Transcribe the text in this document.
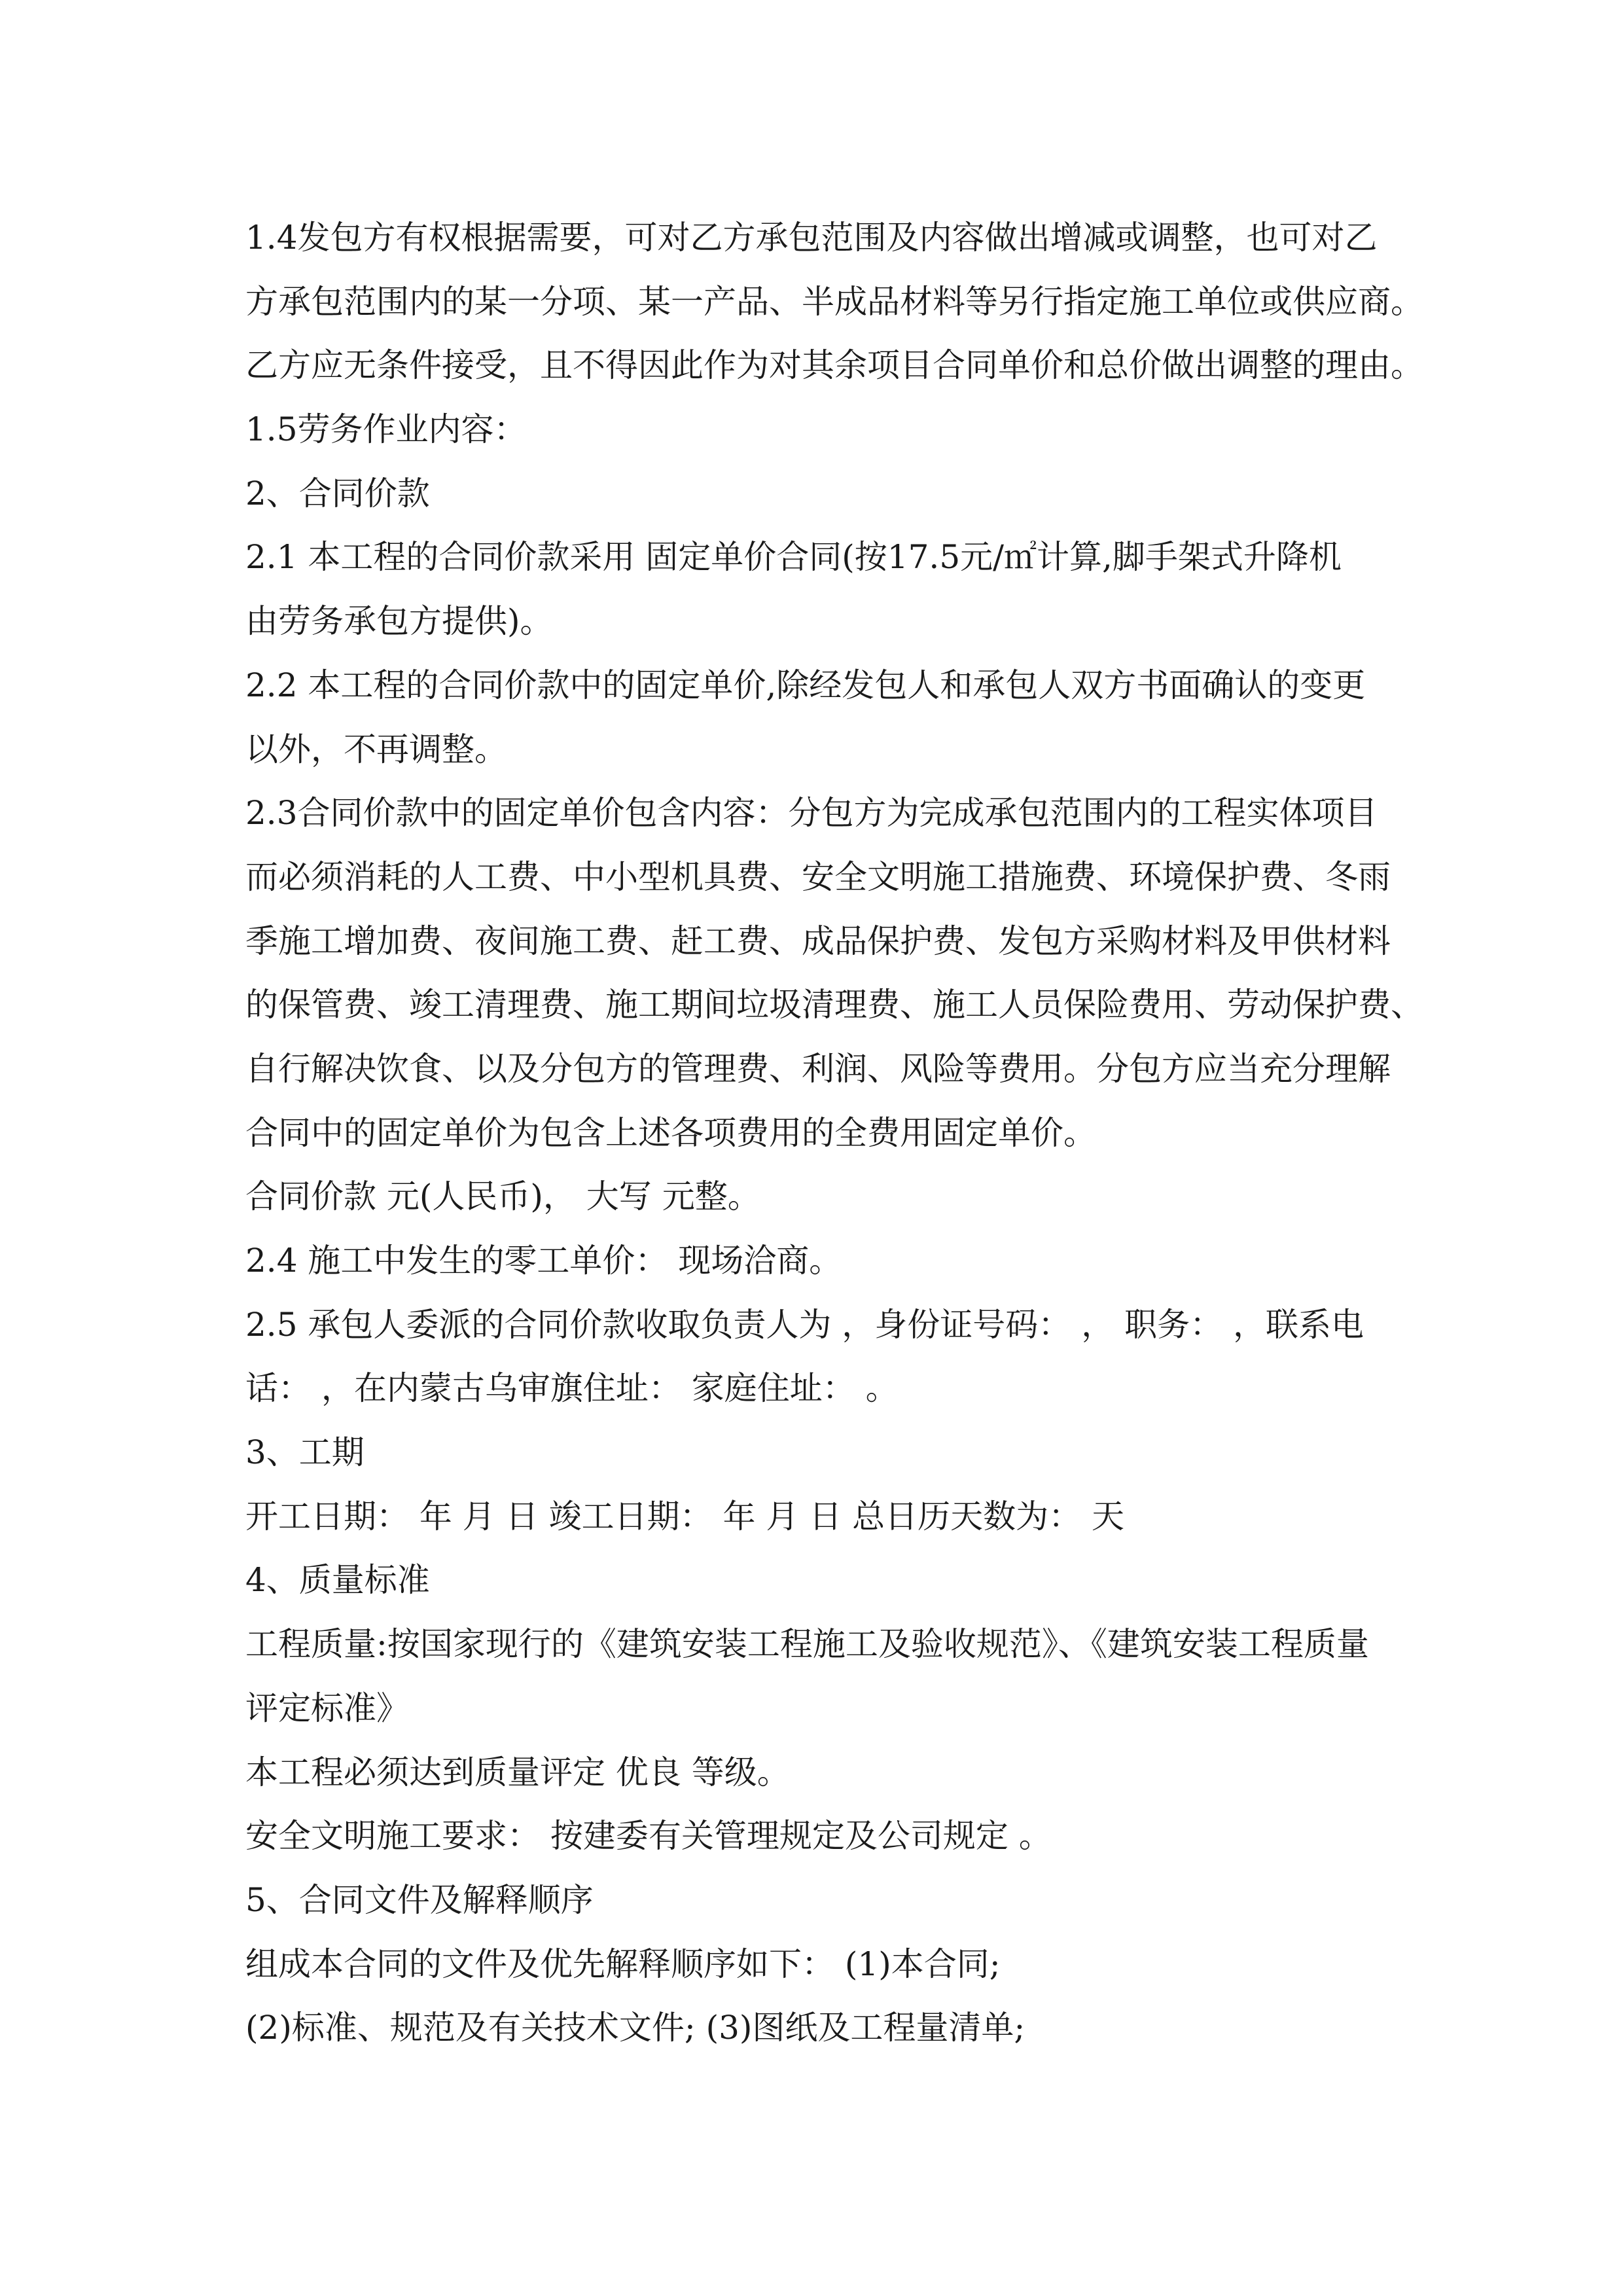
1.4发包方有权根据需要，可对乙方承包范围及内容做出增减或调整，也可对乙

方承包范围内的某一分项、某一产品、半成品材料等另行指定施工单位或供应商。

乙方应无条件接受，且不得因此作为对其余项目合同单价和总价做出调整的理由。

1.5劳务作业内容：

2、合同价款

2.1 本工程的合同价款采用 固定单价合同(按17.5元/㎡计算,脚手架式升降机

由劳务承包方提供)。

2.2 本工程的合同价款中的固定单价,除经发包人和承包人双方书面确认的变更

以外，不再调整。

2.3合同价款中的固定单价包含内容：分包方为完成承包范围内的工程实体项目

而必须消耗的人工费、中小型机具费、安全文明施工措施费、环境保护费、冬雨

季施工增加费、夜间施工费、赶工费、成品保护费、发包方采购材料及甲供材料

的保管费、竣工清理费、施工期间垃圾清理费、施工人员保险费用、劳动保护费、

自行解决饮食、以及分包方的管理费、利润、风险等费用。分包方应当充分理解

合同中的固定单价为包含上述各项费用的全费用固定单价。

合同价款 元(人民币)， 大写 元整。

2.4 施工中发生的零工单价： 现场洽商。

2.5 承包人委派的合同价款收取负责人为 ，身份证号码： ， 职务： ，联系电

话： ，在内蒙古乌审旗住址： 家庭住址： 。

3、工期

开工日期： 年 月 日 竣工日期： 年 月 日 总日历天数为： 天

4、质量标准

工程质量:按国家现行的《建筑安装工程施工及验收规范》、《建筑安装工程质量

评定标准》

本工程必须达到质量评定 优良 等级。

安全文明施工要求： 按建委有关管理规定及公司规定 。

5、合同文件及解释顺序

组成本合同的文件及优先解释顺序如下： (1)本合同;

(2)标准、规范及有关技术文件; (3)图纸及工程量清单;
